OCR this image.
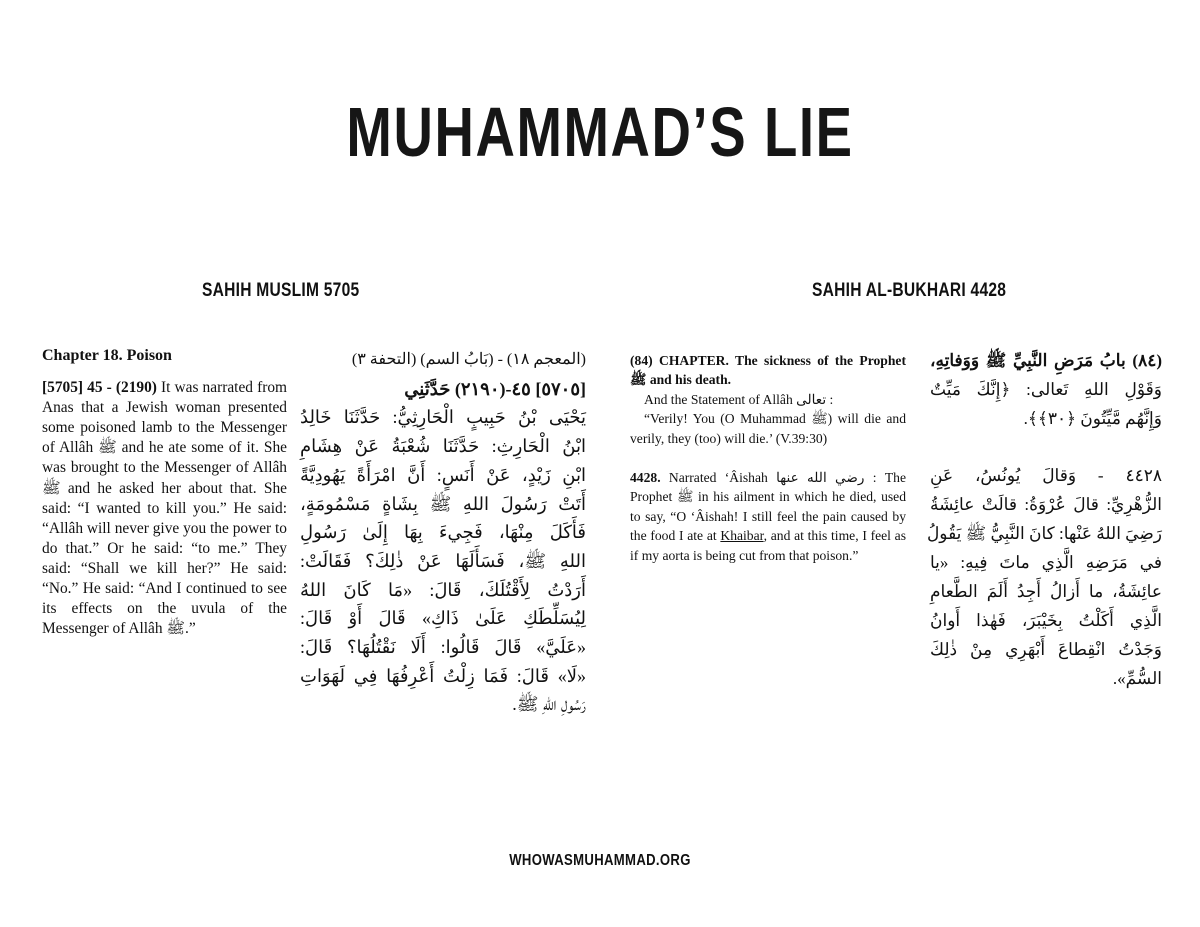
MUHAMMAD’S LIE
SAHIH MUSLIM 5705	SAHIH AL-BUKHARI 4428
Chapter 18. Poison

[5705] 45 - (2190) It was narrated from Anas that a Jewish woman presented some poisoned lamb to the Messenger of Allâh ﷺ and he ate some of it. She was brought to the Messenger of Allâh ﷺ and he asked her about that. She said: “I wanted to kill you.” He said: “Allâh will never give you the power to do that.” Or he said: “to me.” They said: “Shall we kill her?” He said: “No.” He said: “And I continued to see its effects on the uvula of the Messenger of Allâh ﷺ.”

(المعجم ١٨) - (بَابُ السم) (التحفة ٣)
[٥٧٠٥] ٤٥-(٢١٩٠) حَدَّثَنِي
يَحْيَى بْنُ حَبِيبٍ الْحَارِثِيُّ: حَدَّثَنَا خَالِدُ
ابْنُ الْحَارِثِ: حَدَّثَنَا شُعْبَةُ عَنْ هِشَامِ
ابْنِ زَيْدٍ، عَنْ أَنَسٍ: أَنَّ امْرَأَةً يَهُودِيَّةً
أَتَتْ رَسُولَ اللهِ ﷺ بِشَاةٍ مَسْمُومَةٍ،
فَأَكَلَ مِنْهَا، فَجِيءَ بِهَا إِلَىٰ رَسُولِ
اللهِ ﷺ، فَسَأَلَهَا عَنْ ذٰلِكَ؟ فَقَالَتْ:
أَرَدْتُ لِأَقْتُلَكَ، قَالَ: «مَا كَانَ اللهُ
لِيُسَلِّطَكِ عَلَىٰ ذَاكِ» قَالَ أَوْ قَالَ:
«عَلَيَّ» قَالَ قَالُوا: أَلَا نَقْتُلُهَا؟ قَالَ:
«لَا» قَالَ: فَمَا زِلْتُ أَعْرِفُهَا فِي لَهَوَاتِ
رَسُولِ اللهِ ﷺ.
(84) CHAPTER. The sickness of the Prophet ﷺ and his death.
And the Statement of Allâh تعالى :
“Verily! You (O Muhammad ﷺ) will die and verily, they (too) will die.’ (V.39:30)
4428. Narrated ‘Âishah رضي الله عنها : The Prophet ﷺ in his ailment in which he died, used to say, “O ‘Âishah! I still feel the pain caused by the food I ate at Khaibar, and at this time, I feel as if my aorta is being cut from that poison.”
(٨٤) بابُ مَرَضِ النَّبِيِّ ﷺ وَوَفاتِهِ،
وَقَوْلِ اللهِ تَعالى: ﴿إِنَّكَ مَيِّتٌ
وَإِنَّهُم مَّيِّتُونَ ﴿٣٠﴾﴾.
٤٤٢٨ - وَقالَ يُونُسُ، عَنِ
الزُّهْرِيِّ: قالَ عُرْوَةُ: قالَتْ عائِشَةُ
رَضِيَ اللهُ عَنْها: كانَ النَّبِيُّ ﷺ يَقُولُ
في مَرَضِهِ الَّذِي ماتَ فِيهِ: «يا
عائِشَةُ، ما أَزالُ أَجِدُ أَلَمَ الطَّعامِ
الَّذِي أَكَلْتُ بِخَيْبَرَ، فَهٰذا أَوانُ
وَجَدْتُ انْقِطاعَ أَبْهَرِي مِنْ ذٰلِكَ
السُّمِّ».
WHOWASMUHAMMAD.ORG
